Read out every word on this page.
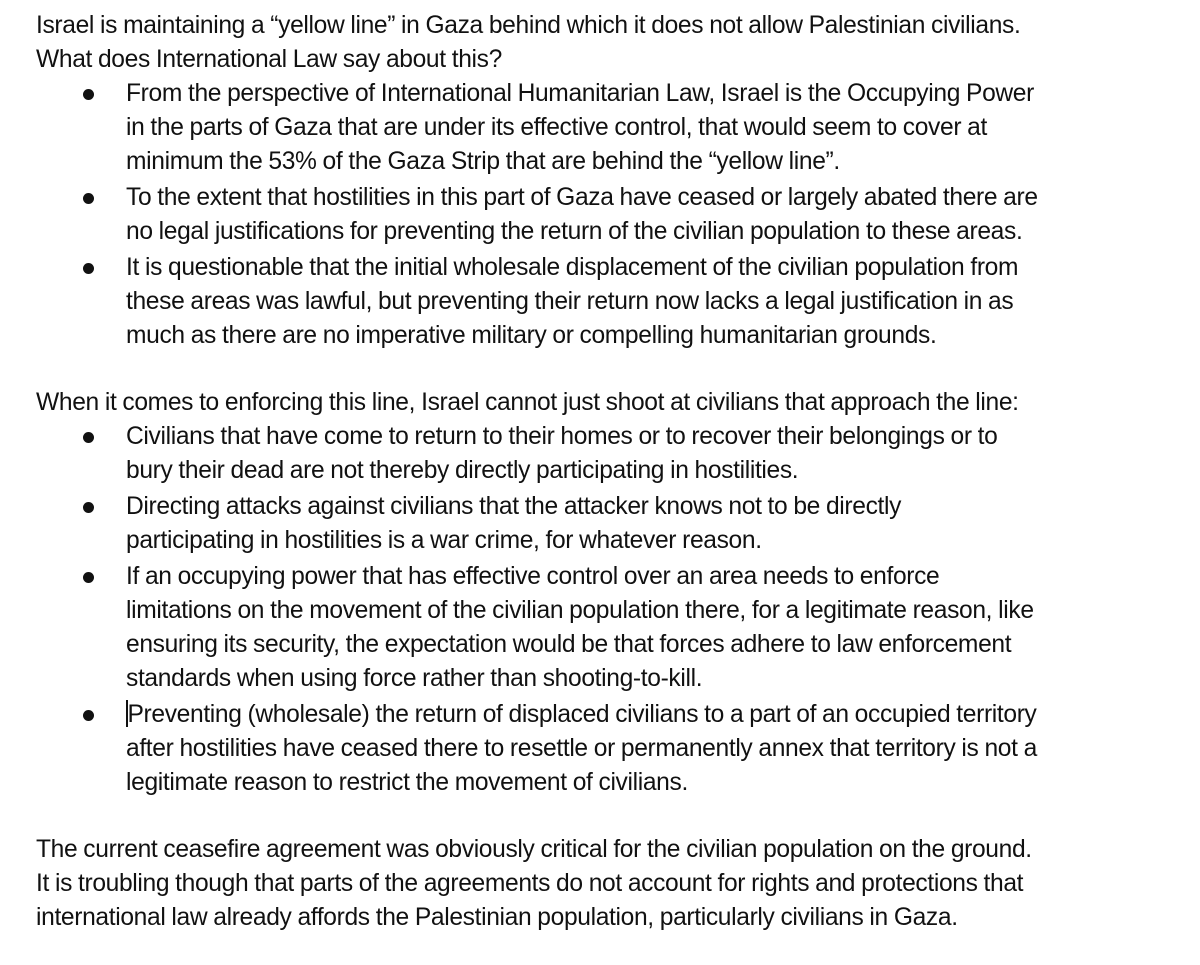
Israel is maintaining a “yellow line” in Gaza behind which it does not allow Palestinian civilians.
What does International Law say about this?

From the perspective of International Humanitarian Law, Israel is the Occupying Power
in the parts of Gaza that are under its effective control, that would seem to cover at
minimum the 53% of the Gaza Strip that are behind the “yellow line”.
To the extent that hostilities in this part of Gaza have ceased or largely abated there are
no legal justifications for preventing the return of the civilian population to these areas.
It is questionable that the initial wholesale displacement of the civilian population from
these areas was lawful, but preventing their return now lacks a legal justification in as
much as there are no imperative military or compelling humanitarian grounds.

When it comes to enforcing this line, Israel cannot just shoot at civilians that approach the line:

Civilians that have come to return to their homes or to recover their belongings or to
bury their dead are not thereby directly participating in hostilities.
Directing attacks against civilians that the attacker knows not to be directly
participating in hostilities is a war crime, for whatever reason.
If an occupying power that has effective control over an area needs to enforce
limitations on the movement of the civilian population there, for a legitimate reason, like
ensuring its security, the expectation would be that forces adhere to law enforcement
standards when using force rather than shooting-to-kill.
Preventing (wholesale) the return of displaced civilians to a part of an occupied territory
after hostilities have ceased there to resettle or permanently annex that territory is not a
legitimate reason to restrict the movement of civilians.

The current ceasefire agreement was obviously critical for the civilian population on the ground.
It is troubling though that parts of the agreements do not account for rights and protections that
international law already affords the Palestinian population, particularly civilians in Gaza.
